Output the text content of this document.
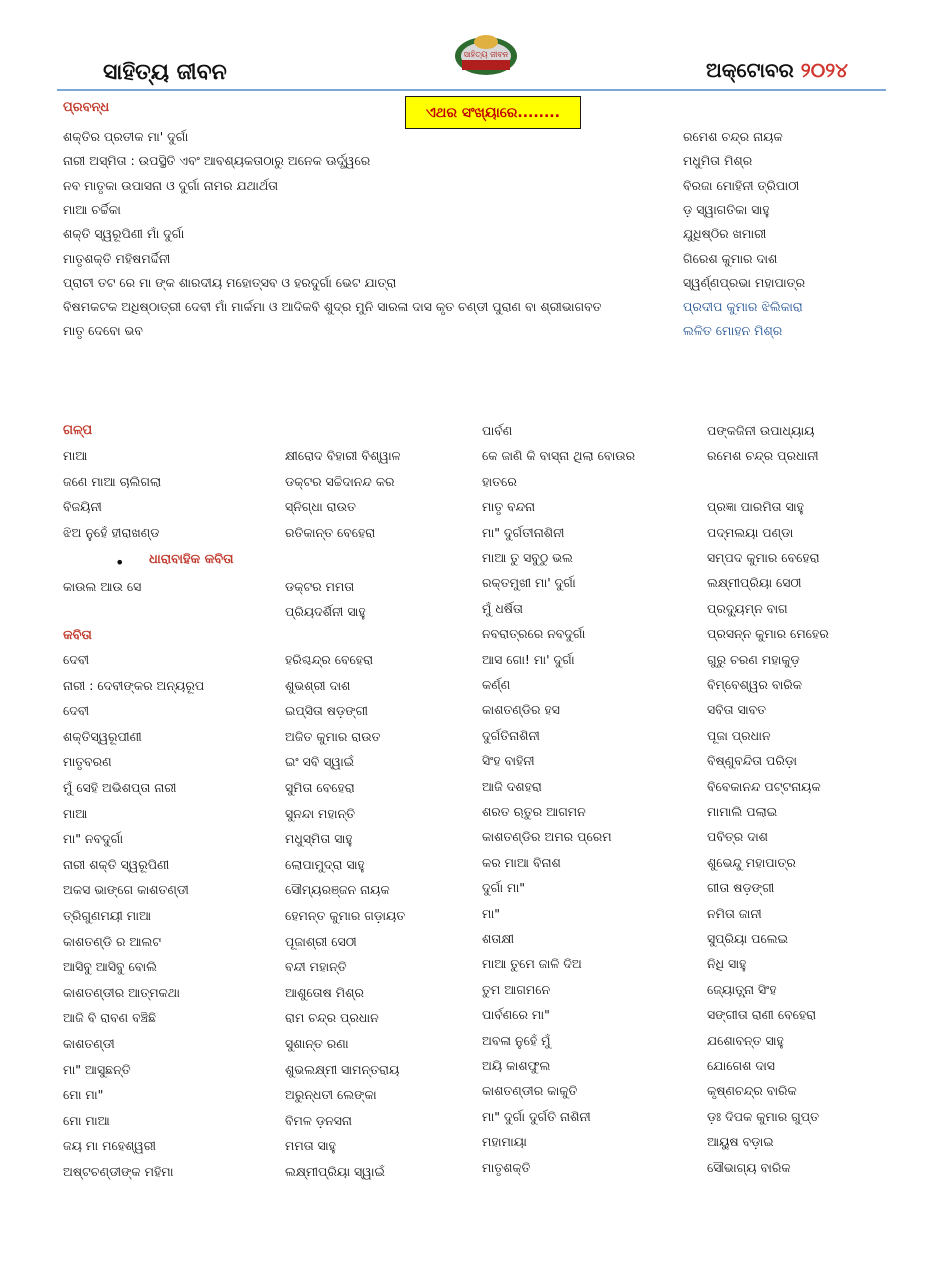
ସାହିତ୍ୟ ଜୀବନ
ସାହିତ୍ୟ ଜୀବନ
ଅକ୍ଟୋବର ୨୦୨୪
ଏଥର ସଂଖ୍ୟାରେ........
ପ୍ରବନ୍ଧ
ଶକ୍ତିର ପ୍ରତୀକ ମା' ଦୁର୍ଗା	ରମେଶ ଚନ୍ଦ୍ର ନାୟକ
ନାରୀ ଅସ୍ମିତା : ଉପସ୍ଥିତି ଏବଂ ଆବଶ୍ୟକତାଠାରୁ ଅନେକ ଊର୍ଦ୍ଧ୍ୱରେ	ମଧୁମିତା ମିଶ୍ର
ନବ ମାତୃକା ଉପାସନା ଓ ଦୁର୍ଗା ନାମର ଯଥାର୍ଥତା	ବିରଜା ମୋହିନୀ ତ୍ରିପାଠୀ
ମାଆ ଚର୍ଚ୍ଚିକା	ଡ଼ ସ୍ୱାଗତିକା ସାହୁ
ଶକ୍ତି ସ୍ୱରୂପିଣୀ ମାଁ ଦୁର୍ଗା	ଯୁଧିଷ୍ଠିର ଖମାରୀ
ମାତୃଶକ୍ତି ମହିଷମର୍ଦ୍ଦିନୀ	ଗିରେଶ କୁମାର ଦାଶ
ପ୍ରାଚୀ ତଟ ରେ ମା ଙ୍କ ଶାରଦୀୟ ମହୋତ୍ସବ ଓ ହରଦୁର୍ଗା ଭେଟ ଯାତ୍ରା	ସ୍ୱର୍ଣ୍ଣପ୍ରଭା ମହାପାତ୍ର
ବିଷମକଟକ ଅଧିଷ୍ଠାତ୍ରୀ ଦେବୀ ମାଁ ମାର୍କମା ଓ ଆଦିକବି ଶୁଦ୍ର ମୁନି ସାରଳା ଦାସ କୃତ ଚଣ୍ଡୀ ପୁରାଣ ବା ଶ୍ରୀଭାଗବତ	ପ୍ରଦୀପ କୁମାର ଝିଲିକାରା
ମାତୃ ଦେବୋ ଭବ	ଲଳିତ ମୋହନ ମିଶ୍ର
ଗଳ୍ପ
ମାଆ	କ୍ଷୀରୋଦ ବିହାରୀ ବିଶ୍ୱାଳ
ଜଣେ ମାଆ ଚାଲିଗଲା	ଡକ୍ଟର ସଚ୍ଚିଦାନନ୍ଦ କର
ବିଜୟିନୀ	ସ୍ନିଗ୍ଧା ରାଉତ
ଝିଅ ନୁହେଁ ହୀରାଖଣ୍ଡ	ରତିକାନ୍ତ ବେହେରା
• ଧାରାବାହିକ କବିତା
କାଉଲ ଆଉ ସେ	ଡକ୍ଟର ମମତା
ପ୍ରିୟଦର୍ଶିନୀ ସାହୁ
କବିତା
ଦେବୀ	ହରିଶ୍ଚନ୍ଦ୍ର ବେହେରା
ନାରୀ : ଦେବୀଙ୍କର ଅନ୍ୟରୂପ	ଶୁଭଶ୍ରୀ ଦାଶ
ଦେବୀ	ଇପ୍ସିତା ଷଡ଼ଙ୍ଗୀ
ଶକ୍ତିସ୍ୱରୂପୀଣୀ	ଅଜିତ କୁମାର ରାଉତ
ମାତୃବରଣ	ଇଂ ସବି ସ୍ୱାଇଁ
ମୁଁ ସେହି ଅଭିଶପ୍ତା ନାରୀ	ସୁମିତା ବେହେରା
ମାଆ	ସୁନନ୍ଦା ମହାନ୍ତି
ମା" ନବଦୁର୍ଗା	ମଧୁସ୍ମିତା ସାହୁ
ନାରୀ ଶକ୍ତି ସ୍ୱରୂପିଣୀ	ଲୋପାମୁଦ୍ରା ସାହୁ
ଅକସ ଭାଙ୍ଗେ କାଶତଣ୍ଡୀ	ସୌମ୍ୟରଞ୍ଜନ ନାୟକ
ତ୍ରିଗୁଣମୟୀ ମାଆ	ହେମନ୍ତ କୁମାର ଗଡ଼ାୟତ
କାଶତଣ୍ଡି ର ଆଲଟ	ପୂଜାଶ୍ରୀ ସେଠୀ
ଆସିବୁ ଆସିବୁ ବୋଲି	ବନ୍ଦୀ ମହାନ୍ତି
କାଶତଣ୍ଡୀର ଆତ୍ମକଥା	ଆଶୁତୋଷ ମିଶ୍ର
ଆଜି ବି ରାବଣ ବଞ୍ଚିଛି	ରାମ ଚନ୍ଦ୍ର ପ୍ରଧାନ
କାଶତଣ୍ଡୀ	ସୁଶାନ୍ତ ରଣା
ମା" ଆସୁଛନ୍ତି	ଶୁଭଲକ୍ଷ୍ମୀ ସାମନ୍ତରାୟ
ମୋ ମା"	ଅରୁନ୍ଧତୀ ଲେଙ୍କା
ମୋ ମାଆ	ବିମଳ ଡ଼ନସନା
ଜୟ ମା ମହେଶ୍ୱରୀ	ମମତା ସାହୁ
ଅଷ୍ଟଚଣ୍ଡୀଙ୍କ ମହିମା	ଲକ୍ଷ୍ମୀପ୍ରିୟା ସ୍ୱାଇଁ
ପାର୍ବଣ	ପଙ୍କଜିନୀ ଉପାଧ୍ୟାୟ
କେ ଜାଣି କି ବାସ୍ନା ଥିଲା ବୋଉର	ରମେଶ ଚନ୍ଦ୍ର ପ୍ରଧାନୀ
ହାତରେ
ମାତୃ ବନ୍ଦନା	ପ୍ରଜ୍ଞା ପାରମିତା ସାହୁ
ମା" ଦୁର୍ଗତୀନାଶିନୀ	ପଦ୍ମଲୟା ପଣ୍ଡା
ମାଆ ତୁ ସବୁଠୁ ଭଲ	ସମ୍ପଦ କୁମାର ବେହେରା
ରକ୍ତମୁଖୀ ମା' ଦୁର୍ଗା	ଲକ୍ଷ୍ମୀପ୍ରିୟା ସେଠୀ
ମୁଁ ଧର୍ଷିତା	ପ୍ରଦ୍ୟୁମ୍ନ ବାଗ
ନବରାତ୍ରରେ ନବଦୁର୍ଗା	ପ୍ରସନ୍ନ କୁମାର ମେହେର
ଆସ ଗୋ! ମା' ଦୁର୍ଗା	ଗୁରୁ ଚରଣ ମହାକୁଡ଼
କର୍ଣ୍ଣ	ବିମ୍ବେଶ୍ୱର ବାରିକ
କାଶତଣ୍ଡିର ହସ	ସବିତା ସାବତ
ଦୁର୍ଗତିନାଶିନୀ	ପୂଜା ପ୍ରଧାନ
ସିଂହ ବାହିନୀ	ବିଷ୍ଣୁବନ୍ଦିତା ପରିଡ଼ା
ଆଜି ଦଶହରା	ବିବେକାନନ୍ଦ ପଟ୍ଟନାୟକ
ଶରତ ଋତୁର ଆଗମନ	ମାମାଲି ପଲାଇ
କାଶତଣ୍ଡିର ଅମର ପ୍ରେମ	ପବିତ୍ର ଦାଶ
କର ମାଆ ବିନାଶ	ଶୁଭେନ୍ଦୁ ମହାପାତ୍ର
ଦୁର୍ଗା ମା"	ଗୀତା ଷଡ଼ଙ୍ଗୀ
ମା"	ନମିତା ଜାନୀ
ଶତାକ୍ଷୀ	ସୁପ୍ରିୟା ପଲେଇ
ମାଆ ତୁମେ ଜାଳି ଦିଅ	ନିଧି ସାହୁ
ତୁମ ଆଗମନେ	ଜ୍ୟୋତ୍ସ୍ନା ସିଂହ
ପାର୍ବଣରେ ମା"	ସଙ୍ଗୀତା ରାଣୀ ବେହେରା
ଅବଳା ନୁହେଁ ମୁଁ	ଯଶୋବନ୍ତ ସାହୁ
ଅୟି କାଶଫୁଲ	ଯୋଗେଶ ଦାସ
କାଶତଣ୍ଡୀର କାକୁତି	କୃଷ୍ଣଚନ୍ଦ୍ର ବାରିକ
ମା" ଦୁର୍ଗା ଦୁର୍ଗତି ନାଶିନୀ	ଡ଼ଃ ଦିପକ କୁମାର ଗୁପ୍ତ
ମହାମାୟା	ଆୟୁଷ ବଡ଼ାଇ
ମାତୃଶକ୍ତି	ସୌଭାଗ୍ୟ ବାରିକ
